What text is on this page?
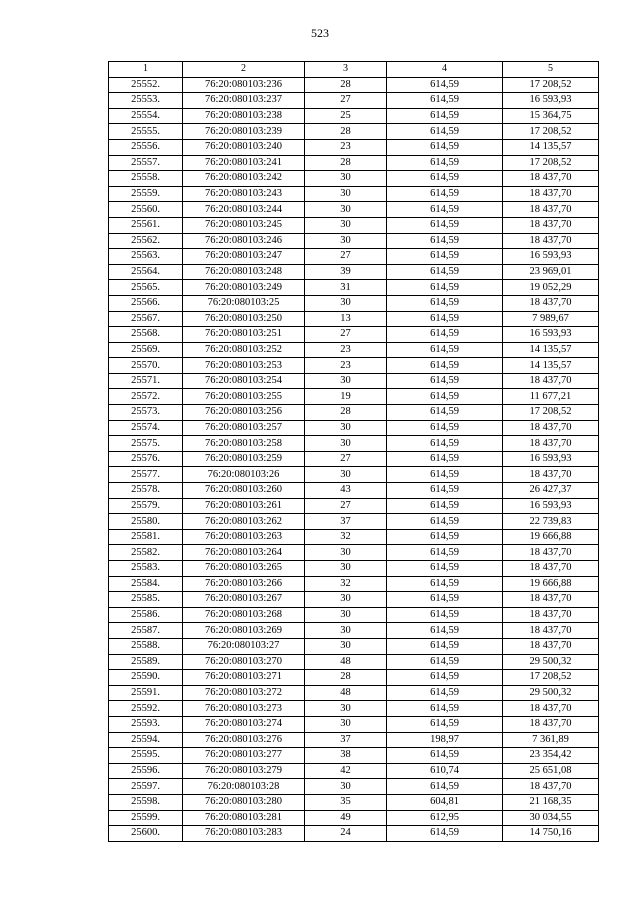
523
1	2	3	4	5
25552.	76:20:080103:236	28	614,59	17 208,52
25553.	76:20:080103:237	27	614,59	16 593,93
25554.	76:20:080103:238	25	614,59	15 364,75
25555.	76:20:080103:239	28	614,59	17 208,52
25556.	76:20:080103:240	23	614,59	14 135,57
25557.	76:20:080103:241	28	614,59	17 208,52
25558.	76:20:080103:242	30	614,59	18 437,70
25559.	76:20:080103:243	30	614,59	18 437,70
25560.	76:20:080103:244	30	614,59	18 437,70
25561.	76:20:080103:245	30	614,59	18 437,70
25562.	76:20:080103:246	30	614,59	18 437,70
25563.	76:20:080103:247	27	614,59	16 593,93
25564.	76:20:080103:248	39	614,59	23 969,01
25565.	76:20:080103:249	31	614,59	19 052,29
25566.	76:20:080103:25	30	614,59	18 437,70
25567.	76:20:080103:250	13	614,59	7 989,67
25568.	76:20:080103:251	27	614,59	16 593,93
25569.	76:20:080103:252	23	614,59	14 135,57
25570.	76:20:080103:253	23	614,59	14 135,57
25571.	76:20:080103:254	30	614,59	18 437,70
25572.	76:20:080103:255	19	614,59	11 677,21
25573.	76:20:080103:256	28	614,59	17 208,52
25574.	76:20:080103:257	30	614,59	18 437,70
25575.	76:20:080103:258	30	614,59	18 437,70
25576.	76:20:080103:259	27	614,59	16 593,93
25577.	76:20:080103:26	30	614,59	18 437,70
25578.	76:20:080103:260	43	614,59	26 427,37
25579.	76:20:080103:261	27	614,59	16 593,93
25580.	76:20:080103:262	37	614,59	22 739,83
25581.	76:20:080103:263	32	614,59	19 666,88
25582.	76:20:080103:264	30	614,59	18 437,70
25583.	76:20:080103:265	30	614,59	18 437,70
25584.	76:20:080103:266	32	614,59	19 666,88
25585.	76:20:080103:267	30	614,59	18 437,70
25586.	76:20:080103:268	30	614,59	18 437,70
25587.	76:20:080103:269	30	614,59	18 437,70
25588.	76:20:080103:27	30	614,59	18 437,70
25589.	76:20:080103:270	48	614,59	29 500,32
25590.	76:20:080103:271	28	614,59	17 208,52
25591.	76:20:080103:272	48	614,59	29 500,32
25592.	76:20:080103:273	30	614,59	18 437,70
25593.	76:20:080103:274	30	614,59	18 437,70
25594.	76:20:080103:276	37	198,97	7 361,89
25595.	76:20:080103:277	38	614,59	23 354,42
25596.	76:20:080103:279	42	610,74	25 651,08
25597.	76:20:080103:28	30	614,59	18 437,70
25598.	76:20:080103:280	35	604,81	21 168,35
25599.	76:20:080103:281	49	612,95	30 034,55
25600.	76:20:080103:283	24	614,59	14 750,16
